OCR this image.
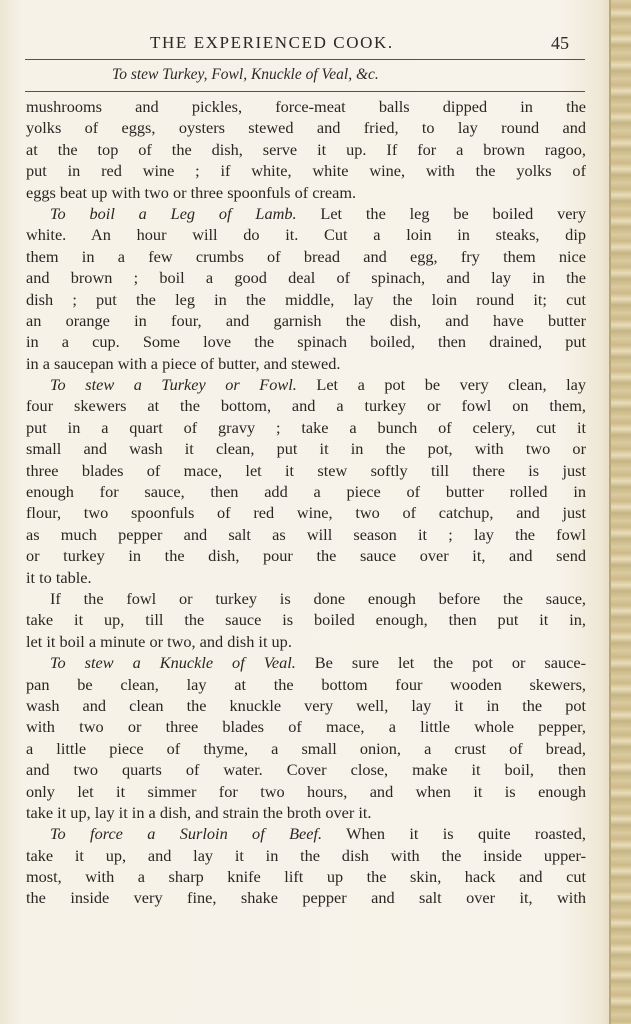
THE EXPERIENCED COOK.	45
To stew Turkey, Fowl, Knuckle of Veal, &c.
mushrooms and pickles, force-meat balls dipped in the
yolks of eggs, oysters stewed and fried, to lay round and
at the top of the dish, serve it up. If for a brown ragoo,
put in red wine ; if white, white wine, with the yolks of
eggs beat up with two or three spoonfuls of cream.
To boil a Leg of Lamb. Let the leg be boiled very
white. An hour will do it. Cut a loin in steaks, dip
them in a few crumbs of bread and egg, fry them nice
and brown ; boil a good deal of spinach, and lay in the
dish ; put the leg in the middle, lay the loin round it; cut
an orange in four, and garnish the dish, and have butter
in a cup. Some love the spinach boiled, then drained, put
in a saucepan with a piece of butter, and stewed.
To stew a Turkey or Fowl. Let a pot be very clean, lay
four skewers at the bottom, and a turkey or fowl on them,
put in a quart of gravy ; take a bunch of celery, cut it
small and wash it clean, put it in the pot, with two or
three blades of mace, let it stew softly till there is just
enough for sauce, then add a piece of butter rolled in
flour, two spoonfuls of red wine, two of catchup, and just
as much pepper and salt as will season it ; lay the fowl
or turkey in the dish, pour the sauce over it, and send
it to table.
If the fowl or turkey is done enough before the sauce,
take it up, till the sauce is boiled enough, then put it in,
let it boil a minute or two, and dish it up.
To stew a Knuckle of Veal. Be sure let the pot or sauce-
pan be clean, lay at the bottom four wooden skewers,
wash and clean the knuckle very well, lay it in the pot
with two or three blades of mace, a little whole pepper,
a little piece of thyme, a small onion, a crust of bread,
and two quarts of water. Cover close, make it boil, then
only let it simmer for two hours, and when it is enough
take it up, lay it in a dish, and strain the broth over it.
To force a Surloin of Beef. When it is quite roasted,
take it up, and lay it in the dish with the inside upper-
most, with a sharp knife lift up the skin, hack and cut
the inside very fine, shake pepper and salt over it, with
